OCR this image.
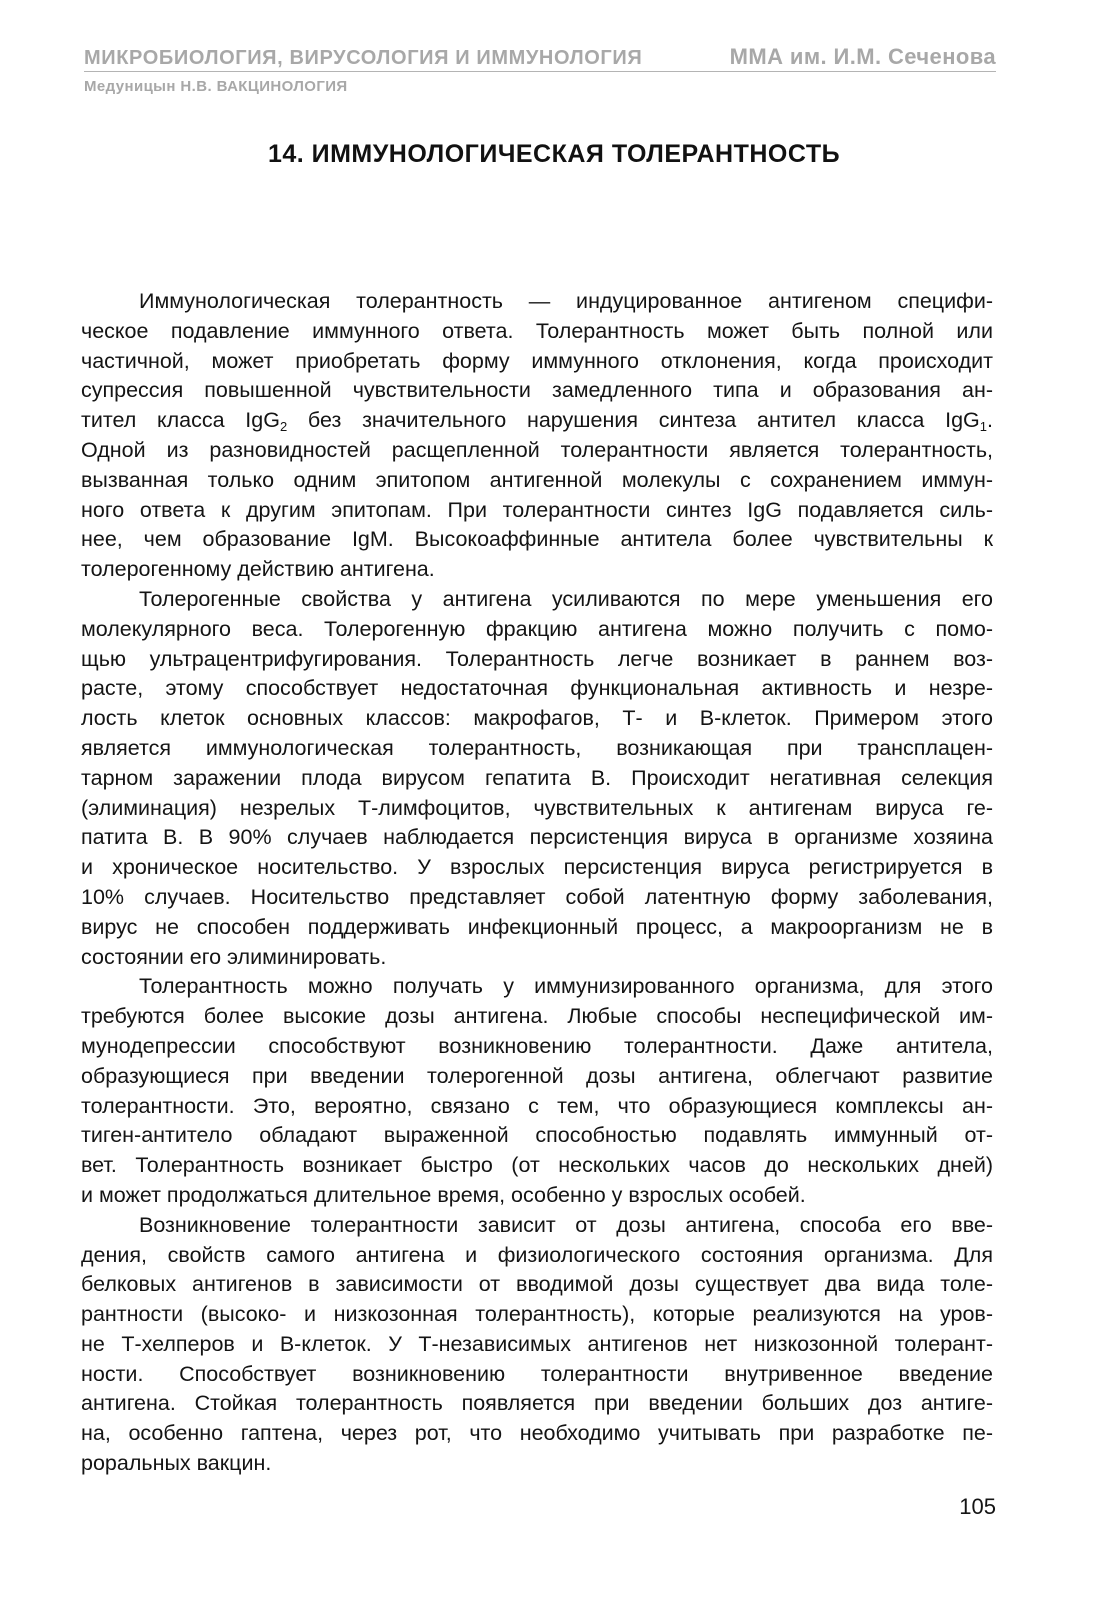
МИКРОБИОЛОГИЯ, ВИРУСОЛОГИЯ И ИММУНОЛОГИЯ	ММА им. И.М. Сеченова
Медуницын Н.В. ВАКЦИНОЛОГИЯ
14. ИММУНОЛОГИЧЕСКАЯ ТОЛЕРАНТНОСТЬ

Иммунологическая толерантность — индуцированное антигеном специфи-
ческое подавление иммунного ответа. Толерантность может быть полной или
частичной, может приобретать форму иммунного отклонения, когда происходит
супрессия повышенной чувствительности замедленного типа и образования ан-
тител класса IgG$_2$ без значительного нарушения синтеза антител класса IgG$_1$.
Одной из разновидностей расщепленной толерантности является толерантность,
вызванная только одним эпитопом антигенной молекулы с сохранением иммун-
ного ответа к другим эпитопам. При толерантности синтез IgG подавляется силь-
нее, чем образование IgM. Высокоаффинные антитела более чувствительны к
толерогенному действию антигена.

Толерогенные свойства у антигена усиливаются по мере уменьшения его
молекулярного веса. Толерогенную фракцию антигена можно получить с помо-
щью ультрацентрифугирования. Толерантность легче возникает в раннем воз-
расте, этому способствует недостаточная функциональная активность и незре-
лость клеток основных классов: макрофагов, Т- и В-клеток. Примером этого
является иммунологическая толерантность, возникающая при трансплацен-
тарном заражении плода вирусом гепатита В. Происходит негативная селекция
(элиминация) незрелых Т-лимфоцитов, чувствительных к антигенам вируса ге-
патита В. В 90% случаев наблюдается персистенция вируса в организме хозяина
и хроническое носительство. У взрослых персистенция вируса регистрируется в
10% случаев. Носительство представляет собой латентную форму заболевания,
вирус не способен поддерживать инфекционный процесс, а макроорганизм не в
состоянии его элиминировать.

Толерантность можно получать у иммунизированного организма, для этого
требуются более высокие дозы антигена. Любые способы неспецифической им-
мунодепрессии способствуют возникновению толерантности. Даже антитела,
образующиеся при введении толерогенной дозы антигена, облегчают развитие
толерантности. Это, вероятно, связано с тем, что образующиеся комплексы ан-
тиген-антитело обладают выраженной способностью подавлять иммунный от-
вет. Толерантность возникает быстро (от нескольких часов до нескольких дней)
и может продолжаться длительное время, особенно у взрослых особей.

Возникновение толерантности зависит от дозы антигена, способа его вве-
дения, свойств самого антигена и физиологического состояния организма. Для
белковых антигенов в зависимости от вводимой дозы существует два вида толе-
рантности (высоко- и низкозонная толерантность), которые реализуются на уров-
не Т-хелперов и В-клеток. У Т-независимых антигенов нет низкозонной толерант-
ности. Способствует возникновению толерантности внутривенное введение
антигена. Стойкая толерантность появляется при введении больших доз антиге-
на, особенно гаптена, через рот, что необходимо учитывать при разработке пе-
роральных вакцин.

105
